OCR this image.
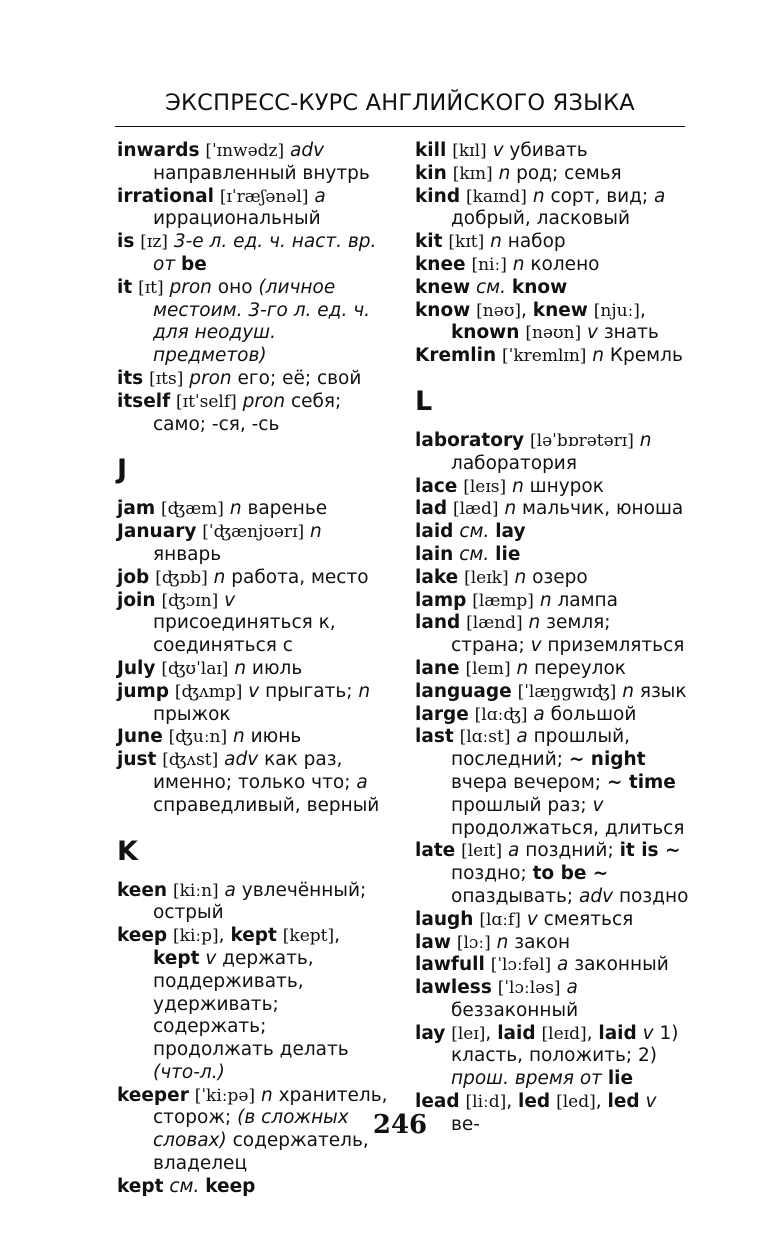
ЭКСПРЕСС-КУРС АНГЛИЙСКОГО ЯЗЫКА

inwards [ˈɪnwədz] adv направленный внутрь

irrational [ɪˈræʃənəl] a иррациональный

is [ɪz] 3-е л. ед. ч. наст. вр. от be

it [ɪt] pron оно (личное местоим. 3-го л. ед. ч. для неодуш. предметов)

its [ɪts] pron его; её; свой

itself [ɪtˈself] pron себя; само; -ся, -сь

J

jam [ʤæm] n варенье

January [ˈʤænjʊərɪ] n январь

job [ʤɒb] n работа, место

join [ʤɔɪn] v присоединяться к, соединяться с

July [ʤʊˈlaɪ] n июль

jump [ʤʌmp] v прыгать; n прыжок

June [ʤuːn] n июнь

just [ʤʌst] adv как раз, именно; только что; a справедливый, верный

K

keen [kiːn] a увлечённый; острый

keep [kiːp], kept [kept], kept v держать, поддерживать, удерживать; содержать; продолжать делать (что-л.)

keeper [ˈkiːpə] n хранитель, сторож; (в сложных словах) содержатель, владелец

kept см. keep

kill [kɪl] v убивать

kin [kɪn] n род; семья

kind [kaɪnd] n сорт, вид; a добрый, ласковый

kit [kɪt] n набор

knee [niː] n колено

knew см. know

know [nəʊ], knew [njuː], known [nəʊn] v знать

Kremlin [ˈkremlɪn] n Кремль

L

laboratory [ləˈbɒrətərɪ] n лаборатория

lace [leɪs] n шнурок

lad [læd] n мальчик, юноша

laid см. lay

lain см. lie

lake [leɪk] n озеро

lamp [læmp] n лампа

land [lænd] n земля; страна; v приземляться

lane [leɪn] n переулок

language [ˈlæŋgwɪʤ] n язык

large [lɑːʤ] a большой

last [lɑːst] a прошлый, последний; ~ night вчера вечером; ~ time прошлый раз; v продолжаться, длиться

late [leɪt] a поздний; it is ~ поздно; to be ~ опаздывать; adv поздно

laugh [lɑːf] v смеяться

law [lɔː] n закон

lawfull [ˈlɔːfəl] a законный

lawless [ˈlɔːləs] a беззаконный

lay [leɪ], laid [leɪd], laid v 1) класть, положить; 2) прош. время от lie

lead [liːd], led [led], led v ве-

246
